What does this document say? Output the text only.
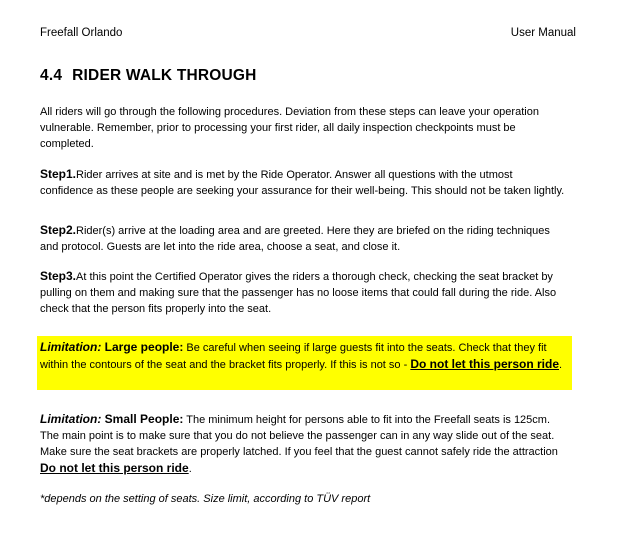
Freefall Orlando	User Manual
4.4 RIDER WALK THROUGH

All riders will go through the following procedures. Deviation from these steps can leave your operation vulnerable. Remember, prior to processing your first rider, all daily inspection checkpoints must be completed.

Step1.Rider arrives at site and is met by the Ride Operator. Answer all questions with the utmost confidence as these people are seeking your assurance for their well-being. This should not be taken lightly.

Step2.Rider(s) arrive at the loading area and are greeted. Here they are briefed on the riding techniques and protocol. Guests are let into the ride area, choose a seat, and close it.

Step3.At this point the Certified Operator gives the riders a thorough check, checking the seat bracket by pulling on them and making sure that the passenger has no loose items that could fall during the ride. Also check that the person fits properly into the seat.

Limitation: Large people: Be careful when seeing if large guests fit into the seats. Check that they fit within the contours of the seat and the bracket fits properly. If this is not so - Do not let this person ride.

Limitation: Small People: The minimum height for persons able to fit into the Freefall seats is 125cm. The main point is to make sure that you do not believe the passenger can in any way slide out of the seat. Make sure the seat brackets are properly latched. If you feel that the guest cannot safely ride the attraction Do not let this person ride.

*depends on the setting of seats. Size limit, according to TÜV report
